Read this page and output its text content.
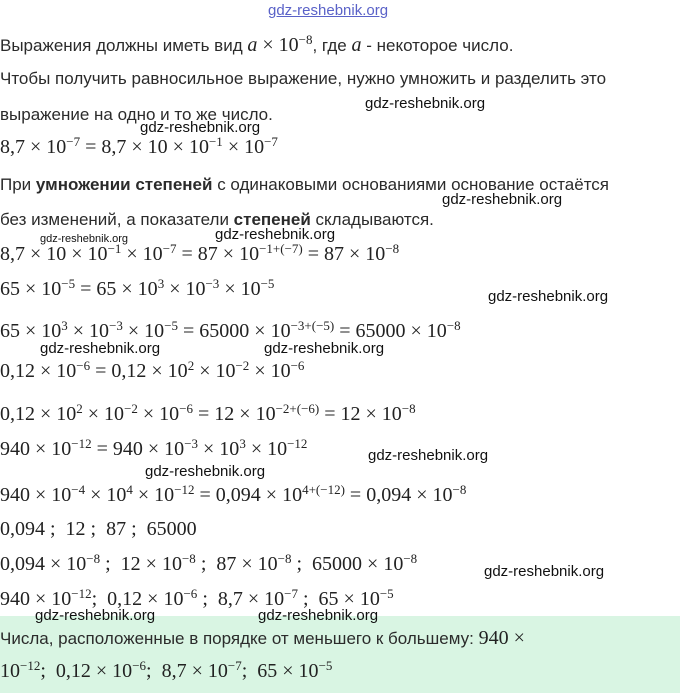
gdz-reshebnik.org
Выражения должны иметь вид $a \times 10^{-8}$, где a - некоторое число.
Чтобы получить равносильное выражение, нужно умножить и разделить это
выражение на одно и то же число.
gdz-reshebnik.org
gdz-reshebnik.org
$8,7 \times 10^{-7} = 8,7 \times 10 \times 10^{-1} \times 10^{-7}$
При умножении степеней с одинаковыми основаниями основание остаётся
gdz-reshebnik.org
без изменений, а показатели степеней складываются.
gdz-reshebnik.org	gdz-reshebnik.org
$8,7 \times 10 \times 10^{-1} \times 10^{-7} = 87 \times 10^{-1+(-7)} = 87 \times 10^{-8}$
$65 \times 10^{-5} = 65 \times 10^3 \times 10^{-3} \times 10^{-5}$
gdz-reshebnik.org
$65 \times 10^3 \times 10^{-3} \times 10^{-5} = 65000 \times 10^{-3+(-5)} = 65000 \times 10^{-8}$
gdz-reshebnik.org	gdz-reshebnik.org
$0,12 \times 10^{-6} = 0,12 \times 10^2 \times 10^{-2} \times 10^{-6}$
$0,12 \times 10^2 \times 10^{-2} \times 10^{-6} = 12 \times 10^{-2+(-6)} = 12 \times 10^{-8}$
$940 \times 10^{-12} = 940 \times 10^{-3} \times 10^3 \times 10^{-12}$
gdz-reshebnik.org
gdz-reshebnik.org
$940 \times 10^{-4} \times 10^4 \times 10^{-12} = 0,094 \times 10^{4+(-12)} = 0,094 \times 10^{-8}$
0,094 ;  12 ;  87 ;  65000
$0,094 \times 10^{-8}$ ;  $12 \times 10^{-8}$ ;  $87 \times 10^{-8}$ ;  $65000 \times 10^{-8}$
gdz-reshebnik.org
$940 \times 10^{-12}$;  $0,12 \times 10^{-6}$ ;  $8,7 \times 10^{-7}$ ;  $65 \times 10^{-5}$
gdz-reshebnik.org	gdz-reshebnik.org
Числа, расположенные в порядке от меньшего к большему: 940 ×
$10^{-12}$;  $0,12 \times 10^{-6}$;  $8,7 \times 10^{-7}$;  $65 \times 10^{-5}$
